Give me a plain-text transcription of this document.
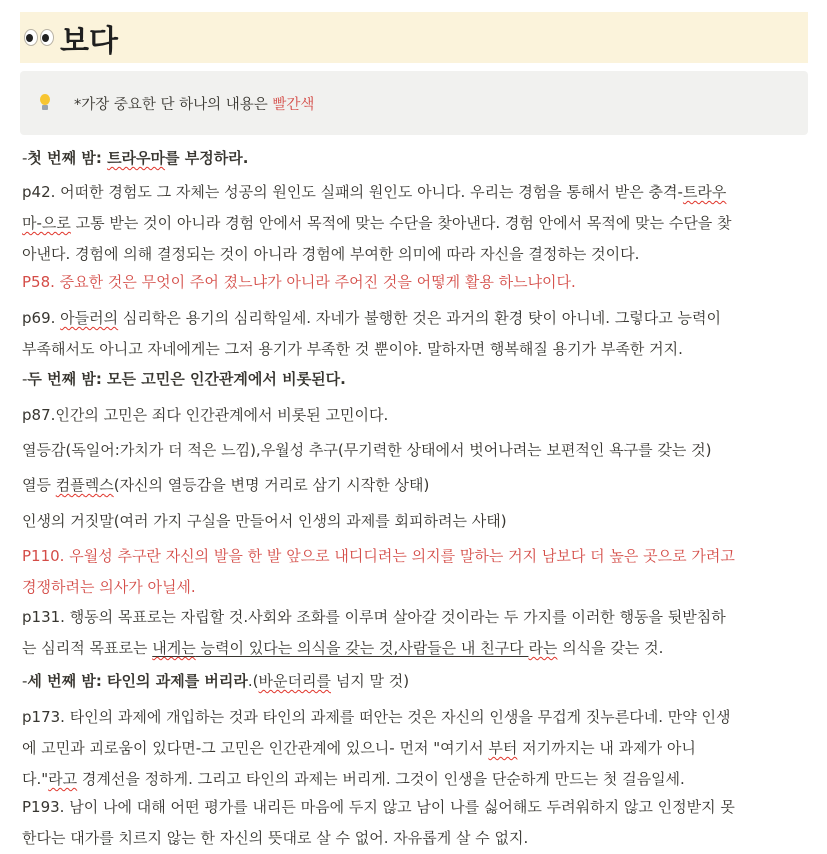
보다
*가장 중요한 단 하나의 내용은 빨간색

-첫 번째 밤: 트라우마를 부정하라.

p42. 어떠한 경험도 그 자체는 성공의 원인도 실패의 원인도 아니다. 우리는 경험을 통해서 받은 충격-트라우
마-으로 고통 받는 것이 아니라 경험 안에서 목적에 맞는 수단을 찾아낸다. 경험 안에서 목적에 맞는 수단을 찾
아낸다. 경험에 의해 결정되는 것이 아니라 경험에 부여한 의미에 따라 자신을 결정하는 것이다.

P58. 중요한 것은 무엇이 주어 졌느냐가 아니라 주어진 것을 어떻게 활용 하느냐이다.

p69. 아들러의 심리학은 용기의 심리학일세. 자네가 불행한 것은 과거의 환경 탓이 아니네. 그렇다고 능력이
부족해서도 아니고 자네에게는 그저 용기가 부족한 것 뿐이야. 말하자면 행복해질 용기가 부족한 거지.

-두 번째 밤: 모든 고민은 인간관계에서 비롯된다.

p87.인간의 고민은 죄다 인간관계에서 비롯된 고민이다.

열등감(독일어:가치가 더 적은 느낌),우월성 추구(무기력한 상태에서 벗어나려는 보편적인 욕구를 갖는 것)

열등 컴플렉스(자신의 열등감을 변명 거리로 삼기 시작한 상태)

인생의 거짓말(여러 가지 구실을 만들어서 인생의 과제를 회피하려는 사태)

P110. 우월성 추구란 자신의 발을 한 발 앞으로 내디디려는 의지를 말하는 거지 남보다 더 높은 곳으로 가려고
경쟁하려는 의사가 아닐세.

p131. 행동의 목표로는 자립할 것.사회와 조화를 이루며 살아갈 것이라는 두 가지를 이러한 행동을 뒷받침하
는 심리적 목표로는 내게는 능력이 있다는 의식을 갖는 것,사람들은 내 친구다 라는 의식을 갖는 것.

-세 번째 밤: 타인의 과제를 버리라.(바운더리를 넘지 말 것)

p173. 타인의 과제에 개입하는 것과 타인의 과제를 떠안는 것은 자신의 인생을 무겁게 짓누른다네. 만약 인생
에 고민과 괴로움이 있다면-그 고민은 인간관계에 있으니- 먼저 "여기서 부터 저기까지는 내 과제가 아니
다."라고 경계선을 정하게. 그리고 타인의 과제는 버리게. 그것이 인생을 단순하게 만드는 첫 걸음일세.

P193. 남이 나에 대해 어떤 평가를 내리든 마음에 두지 않고 남이 나를 싫어해도 두려워하지 않고 인정받지 못
한다는 대가를 치르지 않는 한 자신의 뜻대로 살 수 없어. 자유롭게 살 수 없지.
